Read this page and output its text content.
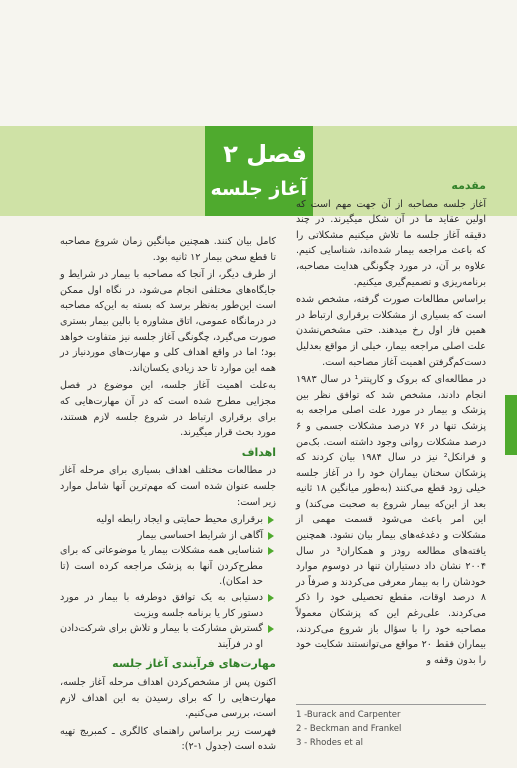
فصل ۲
آغاز جلسه	مقدمه

آغاز جلسه مصاحبه از آن جهت مهم است که اولین عقاید ما در آن شکل میگیرند. در چند دقیقه آغاز جلسه ما تلاش میکنیم مشکلاتی را که باعث مراجعه بیمار شده‌اند، شناسایی کنیم. علاوه بر آن، در مورد چگونگی هدایت مصاحبه، برنامه‌ریزی و تصمیم‌گیری میکنیم.

براساس مطالعات صورت گرفته، مشخص شده است که بسیاری از مشکلات برقراری ارتباط در همین فاز اول رخ میدهند. حتی مشخص‌نشدن علت اصلی مراجعه بیمار، خیلی از مواقع بعدلیل دست‌کم‌گرفتن اهمیت آغاز مصاحبه است.

در مطالعه‌ای که بروک و کارپنتر¹ در سال ۱۹۸۳ انجام دادند، مشخص شد که توافق نظر بین پزشک و بیمار در مورد علت اصلی مراجعه به پزشک تنها در ۷۶ درصد مشکلات جسمی و ۶ درصد مشکلات روانی وجود داشته است. بک‌من و فرانکل² نیز در سال ۱۹۸۴ بیان کردند که پزشکان سخنان بیماران خود را در آغاز جلسه خیلی زود قطع می‌کنند (به‌طور میانگین ۱۸ ثانیه بعد از این‌که بیمار شروع به صحبت می‌کند) و این امر باعث می‌شود قسمت مهمی از مشکلات و دغدغه‌های بیمار بیان نشود. همچنین یافته‌های مطالعه رودز و همکاران³ در سال ۲۰۰۴ نشان داد دستیاران تنها در دوسوم موارد خودشان را به بیمار معرفی می‌کردند و صرفاً در ۸ درصد اوقات، مقطع تحصیلی خود را ذکر می‌کردند. علی‌رغم این که پزشکان معمولاً مصاحبه خود را با سؤال باز شروع می‌کردند، بیماران فقط ۲۰ مواقع می‌توانستند شکایت خود را بدون وقفه و

کامل بیان کنند. همچنین میانگین زمان شروع مصاحبه تا قطع سخن بیمار ۱۲ ثانیه بود.

از طرف دیگر، از آنجا که مصاحبه با بیمار در شرایط و جایگاه‌های مختلفی انجام می‌شود، در نگاه اول ممکن است این‌طور به‌نظر برسد که بسته به این‌که مصاحبه در درمانگاه عمومی، اتاق مشاوره یا بالین بیمار بستری صورت می‌گیرد، چگونگی آغاز جلسه نیز متفاوت خواهد بود؛ اما در واقع اهداف کلی و مهارت‌های موردنیاز در همه این موارد تا حد زیادی یکسان‌اند.

به‌علت اهمیت آغاز جلسه، این موضوع در فصل مجزایی مطرح شده است که در آن مهارت‌هایی که برای برقراری ارتباط در شروع جلسه لازم هستند، مورد بحث قرار میگیرند.

اهداف

در مطالعات مختلف اهداف بسیاری برای مرحله آغاز جلسه عنوان شده است که مهم‌ترین آنها شامل موارد زیر است:

برقراری محیط حمایتی و ایجاد رابطه اولیه
آگاهی از شرایط احساسی بیمار
شناسایی همه مشکلات بیمار یا موضوعاتی که برای مطرح‌کردن آنها به پزشک مراجعه کرده است (تا حد امکان).
دستیابی به یک توافق دوطرفه با بیمار در مورد دستور کار یا برنامه جلسه ویزیت
گسترش مشارکت با بیمار و تلاش برای شرکت‌دادن او در فرآیند
مهارت‌های فرآیندی آغاز جلسه

اکنون پس از مشخص‌کردن اهداف مرحله آغاز جلسه، مهارت‌هایی را که برای رسیدن به این اهداف لازم است، بررسی می‌کنیم.

فهرست زیر براساس راهنمای کالگری ـ کمبریج تهیه شده است (جدول ۱-۲):

1 -Burack and Carpenter
2 - Beckman and Frankel
3 - Rhodes et al
